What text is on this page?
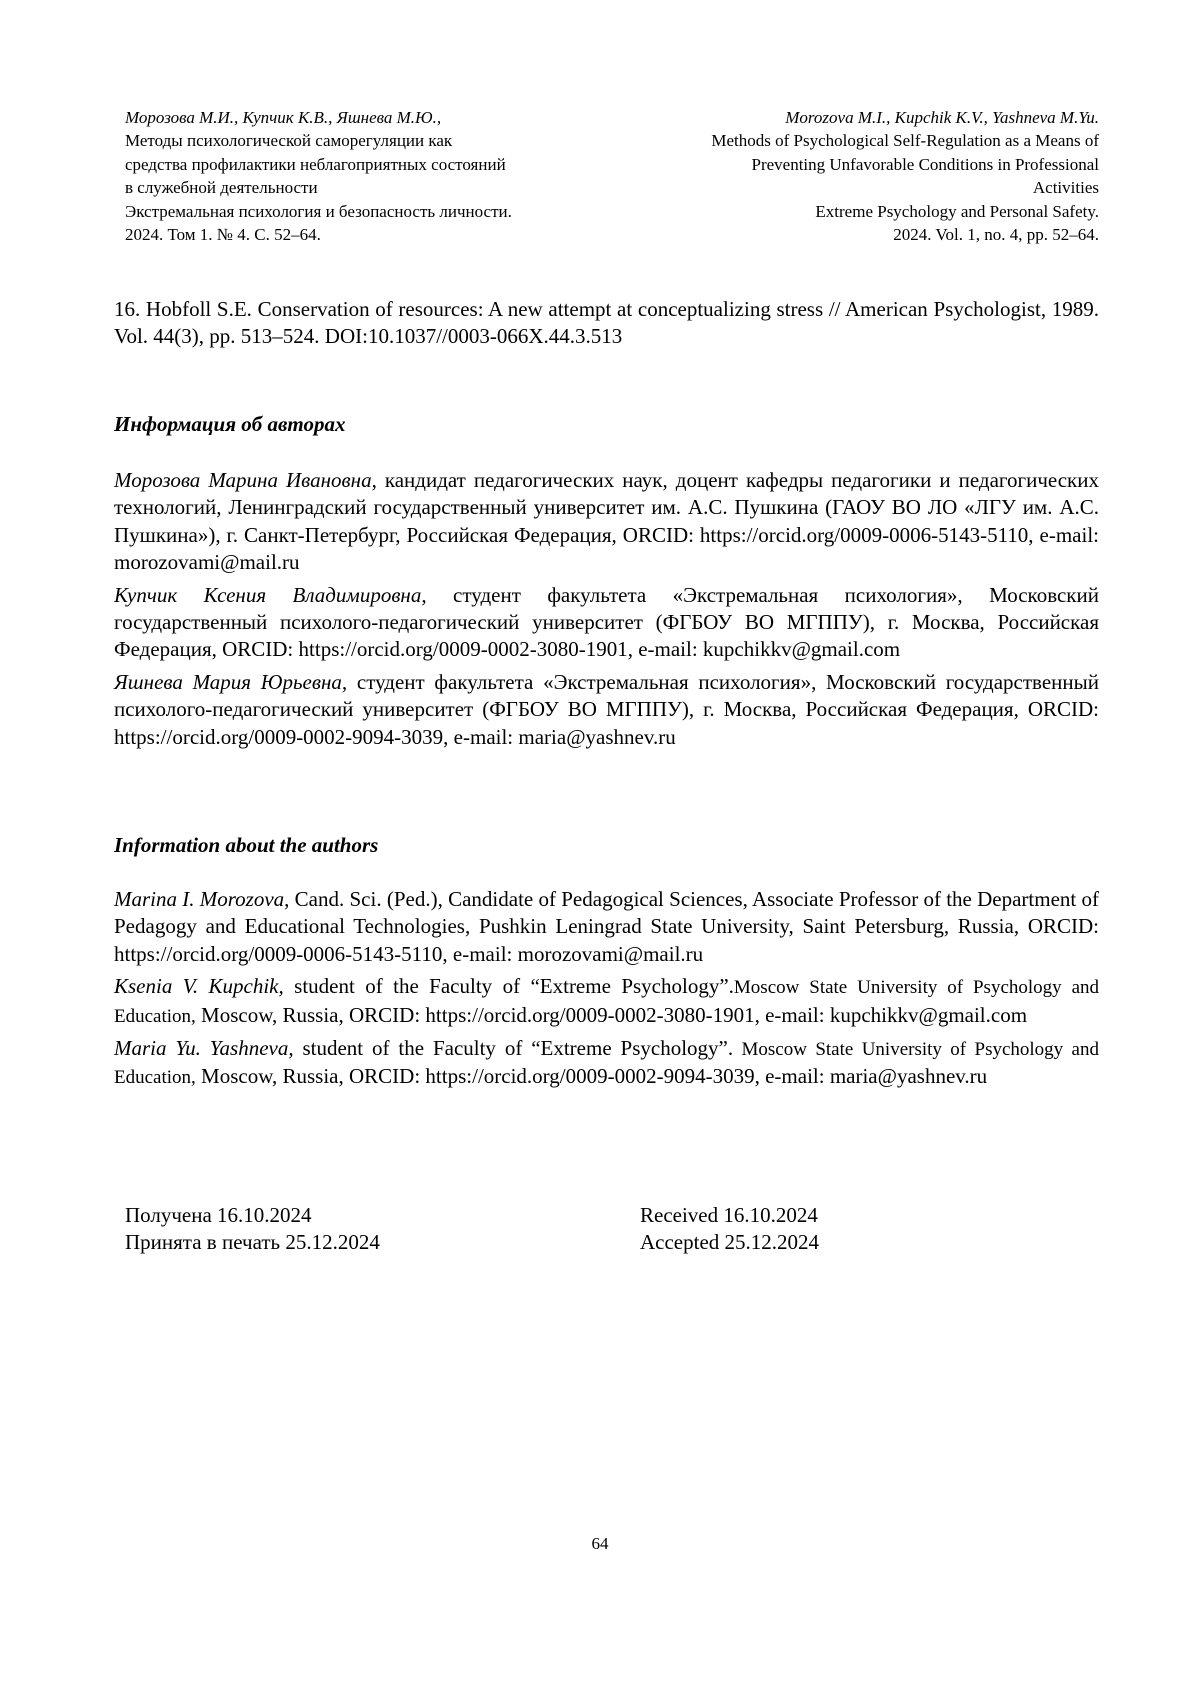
Морозова М.И., Купчик К.В., Яшнева М.Ю.,
Методы психологической саморегуляции как
средства профилактики неблагоприятных состояний
в служебной деятельности
Экстремальная психология и безопасность личности.
2024. Том 1. № 4. С. 52–64.
Morozova M.I., Kupchik K.V., Yashneva M.Yu.
Methods of Psychological Self-Regulation as a Means of
Preventing Unfavorable Conditions in Professional
Activities
Extreme Psychology and Personal Safety.
2024. Vol. 1, no. 4, pp. 52–64.

16. Hobfoll S.E. Conservation of resources: A new attempt at conceptualizing stress // American Psychologist, 1989. Vol. 44(3), pp. 513–524. DOI:10.1037//0003-066X.44.3.513

Информация об авторах

Морозова Марина Ивановна, кандидат педагогических наук, доцент кафедры педагогики и педагогических технологий, Ленинградский государственный университет им. А.С. Пушкина (ГАОУ ВО ЛО «ЛГУ им. А.С. Пушкина»), г. Санкт-Петербург, Российская Федерация, ORCID: https://orcid.org/0009-0006-5143-5110, e-mail: morozovami@mail.ru

Купчик Ксения Владимировна, студент факультета «Экстремальная психология», Московский государственный психолого-педагогический университет (ФГБОУ ВО МГППУ), г. Москва, Российская Федерация, ORCID: https://orcid.org/0009-0002-3080-1901, e-mail: kupchikkv@gmail.com

Яшнева Мария Юрьевна, студент факультета «Экстремальная психология», Московский государственный психолого-педагогический университет (ФГБОУ ВО МГППУ), г. Москва, Российская Федерация, ORCID: https://orcid.org/0009-0002-9094-3039, e-mail: maria@yashnev.ru

Information about the authors

Marina I. Morozova, Cand. Sci. (Ped.), Candidate of Pedagogical Sciences, Associate Professor of the Department of Pedagogy and Educational Technologies, Pushkin Leningrad State University, Saint Petersburg, Russia, ORCID: https://orcid.org/0009-0006-5143-5110, e-mail: morozovami@mail.ru

Ksenia V. Kupchik, student of the Faculty of “Extreme Psychology”.Moscow State University of Psychology and Education, Moscow, Russia, ORCID: https://orcid.org/0009-0002-3080-1901, e-mail: kupchikkv@gmail.com

Maria Yu. Yashneva, student of the Faculty of “Extreme Psychology”. Moscow State University of Psychology and Education, Moscow, Russia, ORCID: https://orcid.org/0009-0002-9094-3039, e-mail: maria@yashnev.ru

Получена 16.10.2024	Received 16.10.2024
Принята в печать 25.12.2024	Accepted 25.12.2024
64
